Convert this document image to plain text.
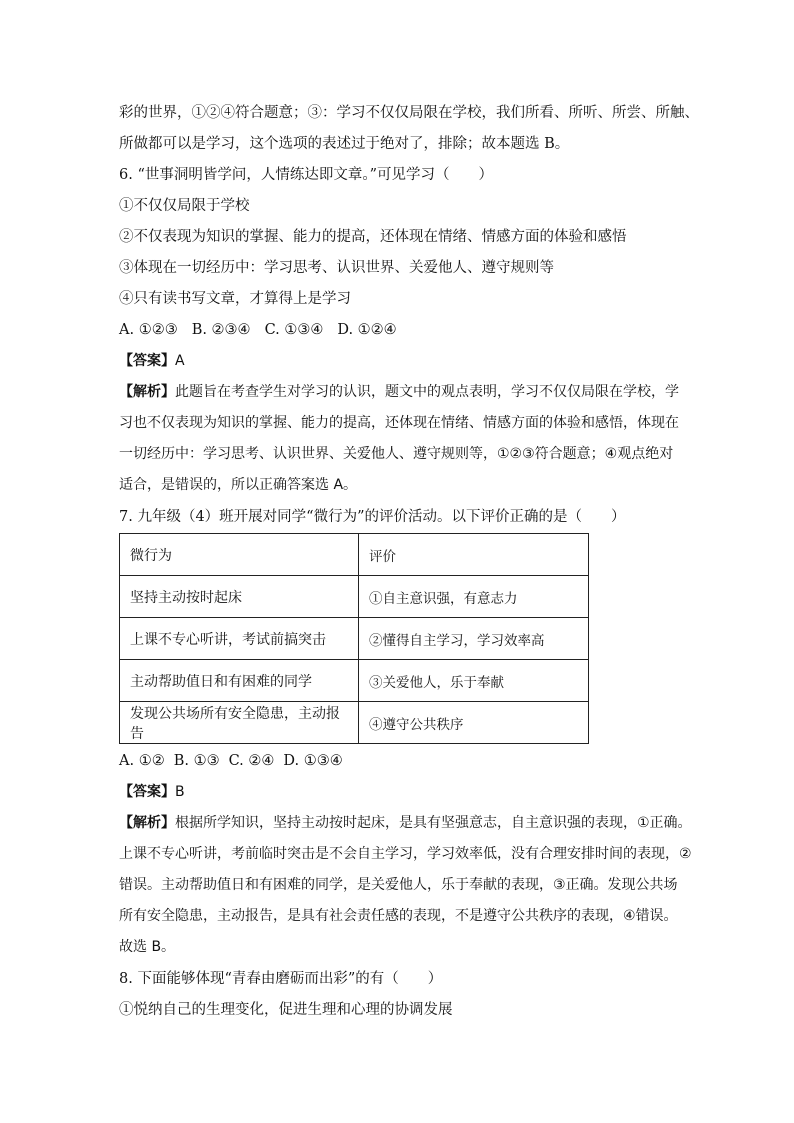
彩的世界，①②④符合题意；③：学习不仅仅局限在学校，我们所看、所听、所尝、所触、
所做都可以是学习，这个选项的表述过于绝对了，排除；故本题选 B。
6. “世事洞明皆学问，人情练达即文章。”可见学习（　　）
①不仅仅局限于学校
②不仅表现为知识的掌握、能力的提高，还体现在情绪、情感方面的体验和感悟
③体现在一切经历中：学习思考、认识世界、关爱他人、遵守规则等
④只有读书写文章，才算得上是学习
A. ①②③ B. ②③④ C. ①③④ D. ①②④
【答案】A
【解析】此题旨在考查学生对学习的认识，题文中的观点表明，学习不仅仅局限在学校，学
习也不仅表现为知识的掌握、能力的提高，还体现在情绪、情感方面的体验和感悟，体现在
一切经历中：学习思考、认识世界、关爱他人、遵守规则等，①②③符合题意；④观点绝对
适合，是错误的，所以正确答案选 A。
7. 九年级（4）班开展对同学“微行为”的评价活动。以下评价正确的是（　　）
微行为	评价
坚持主动按时起床	①自主意识强，有意志力
上课不专心听讲，考试前搞突击	②懂得自主学习，学习效率高
主动帮助值日和有困难的同学	③关爱他人，乐于奉献
发现公共场所有安全隐患，主动报告	④遵守公共秩序
A. ①② B. ①③ C. ②④ D. ①③④
【答案】B
【解析】根据所学知识，坚持主动按时起床，是具有坚强意志，自主意识强的表现，①正确。
上课不专心听讲，考前临时突击是不会自主学习，学习效率低，没有合理安排时间的表现，②
错误。主动帮助值日和有困难的同学，是关爱他人，乐于奉献的表现，③正确。发现公共场
所有安全隐患，主动报告，是具有社会责任感的表现，不是遵守公共秩序的表现，④错误。
故选 B。
8. 下面能够体现“青春由磨砺而出彩”的有（　　）
①悦纳自己的生理变化，促进生理和心理的协调发展
